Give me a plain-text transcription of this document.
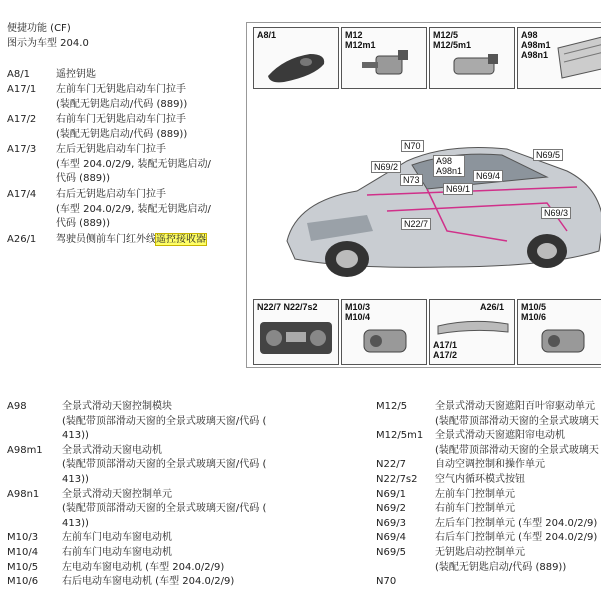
便捷功能 (CF)
图示为车型 204.0
A8/1	遥控钥匙
A17/1 左前车门无钥匙启动车门拉手
(装配无钥匙启动/代码 (889))
A17/2 右前车门无钥匙启动车门拉手
(装配无钥匙启动/代码 (889))
A17/3 左后无钥匙启动车门拉手
(车型 204.0/2/9, 装配无钥匙启动/
代码 (889))
A17/4 右后无钥匙启动车门拉手
(车型 204.0/2/9, 装配无钥匙启动/
代码 (889))
A26/1 驾驶员侧前车门红外线遥控接收器
A8/1	M12
M12m1
M12/5
M12/5m1
A98
A98m1
A98n1
N70
N69/2
A98
A98n1
N73
N69/1
N69/4
N69/5
N22/7
N69/3
N22/7 N22/7s2	M10/3
M10/4
A26/1
A17/1
A17/2
M10/5
M10/6
A98	全景式滑动天窗控制模块
(装配带顶部滑动天窗的全景式玻璃天窗/代码 (
413))
A98m1 全景式滑动天窗电动机
(装配带顶部滑动天窗的全景式玻璃天窗/代码 (
413))
A98n1 全景式滑动天窗控制单元
(装配带顶部滑动天窗的全景式玻璃天窗/代码 (
413))
M10/3 左前车门电动车窗电动机
M10/4 右前车门电动车窗电动机
M10/5 左电动车窗电动机 (车型 204.0/2/9)
M10/6 右后电动车窗电动机 (车型 204.0/2/9)
M12/5	全景式滑动天窗遮阳百叶帘驱动单元
(装配带顶部滑动天窗的全景式玻璃天
M12/5m1 全景式滑动天窗遮阳帘电动机
(装配带顶部滑动天窗的全景式玻璃天
N22/7	自动空调控制和操作单元
N22/7s2 空气内循环模式按钮
N69/1	左前车门控制单元
N69/2	右前车门控制单元
N69/3	左后车门控制单元 (车型 204.0/2/9)
N69/4	右后车门控制单元 (车型 204.0/2/9)
N69/5	无钥匙启动控制单元
(装配无钥匙启动/代码 (889))
N70
